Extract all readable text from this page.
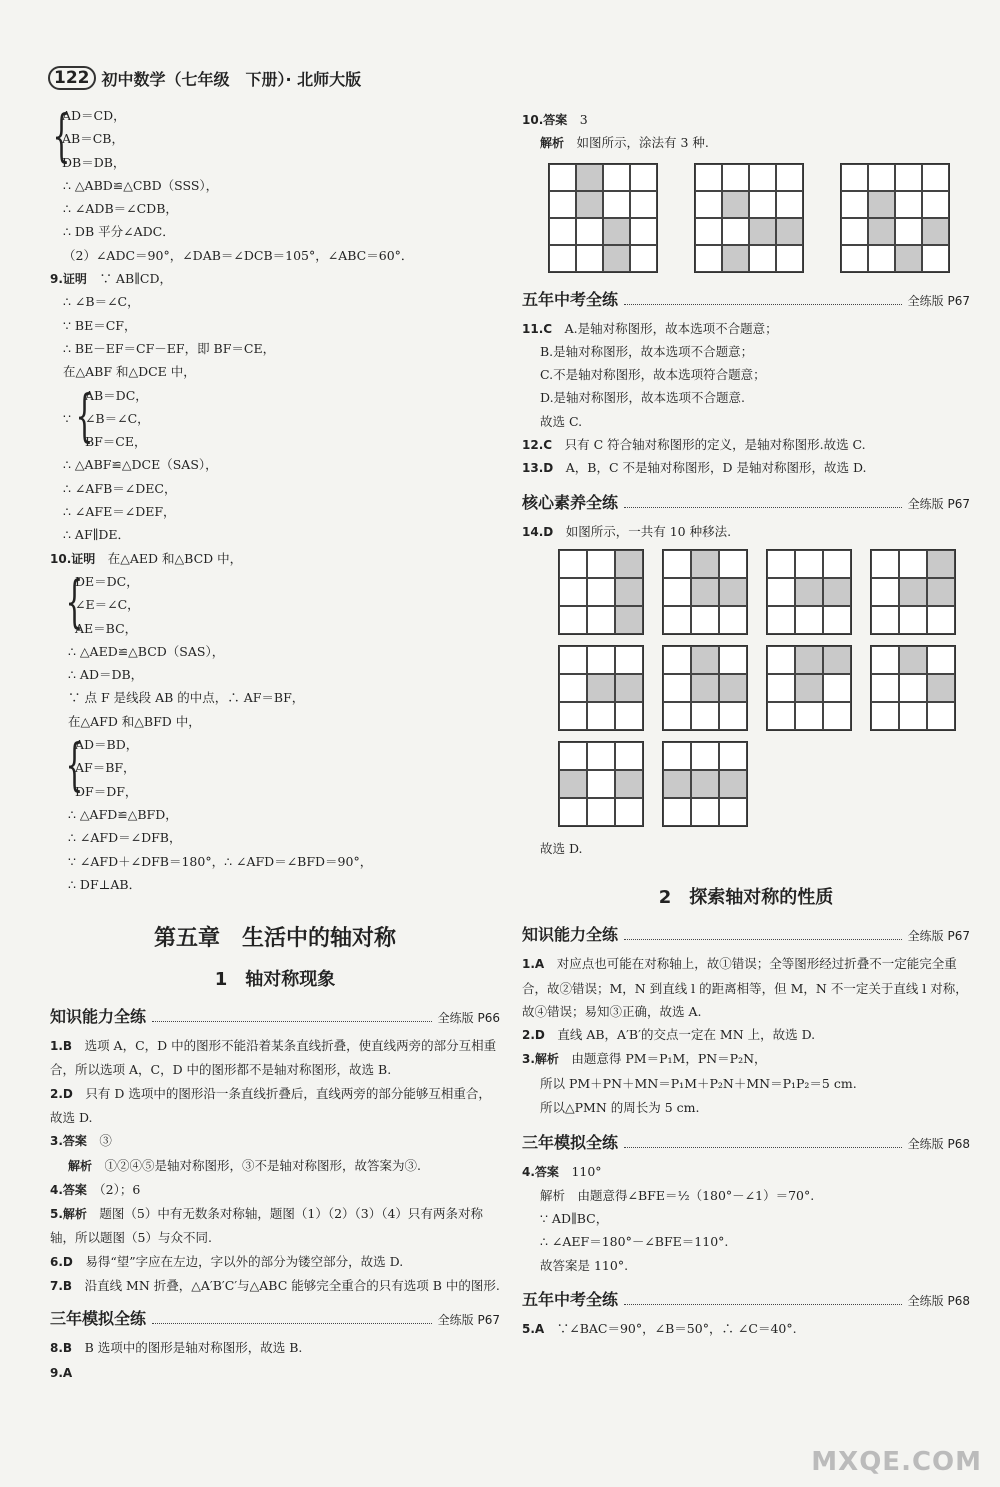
122 初中数学（七年级　下册）· 北师大版
{
AD＝CD，
AB＝CB，
DB＝DB，
∴ △ABD≌△CBD（SSS），
∴ ∠ADB＝∠CDB，
∴ DB 平分∠ADC．
（2）∠ADC＝90°，∠DAB＝∠DCB＝105°，∠ABC＝60°．
9.证明　 ∵ AB∥CD，
∴ ∠B＝∠C，
∵ BE＝CF，
∴ BE－EF＝CF－EF，即 BF＝CE，
在△ABF 和△DCE 中，
∵ {
AB＝DC，
∠B＝∠C，
BF＝CE，
∴ △ABF≌△DCE（SAS），
∴ ∠AFB＝∠DEC，
∴ ∠AFE＝∠DEF，
∴ AF∥DE．
10.证明　 在△AED 和△BCD 中，
{
DE＝DC，
∠E＝∠C，
AE＝BC，
∴ △AED≌△BCD（SAS），
∴ AD＝DB，
∵ 点 F 是线段 AB 的中点，∴ AF＝BF，
在△AFD 和△BFD 中，
{
AD＝BD，
AF＝BF，
DF＝DF，
∴ △AFD≌△BFD，
∴ ∠AFD＝∠DFB，
∵ ∠AFD＋∠DFB＝180°，∴ ∠AFD＝∠BFD＝90°，
∴ DF⊥AB．
第五章　生活中的轴对称
1　轴对称现象
知识能力全练	全练版 P66
1.B　选项 A，C，D 中的图形不能沿着某条直线折叠，使直线两旁的部分互相重合，所以选项 A，C，D 中的图形都不是轴对称图形，故选 B.
2.D　只有 D 选项中的图形沿一条直线折叠后，直线两旁的部分能够互相重合，故选 D.
3.答案　③
解析　①②④⑤是轴对称图形，③不是轴对称图形，故答案为③.
4.答案　（2）；6
5.解析　题图（5）中有无数条对称轴，题图（1）（2）（3）（4）只有两条对称轴，所以题图（5）与众不同.
6.D　易得“望”字应在左边，字以外的部分为镂空部分，故选 D.
7.B　沿直线 MN 折叠，△A′B′C′与△ABC 能够完全重合的只有选项 B 中的图形.
三年模拟全练	全练版 P67
8.B　B 选项中的图形是轴对称图形，故选 B.
9.A　
10.答案　 3
解析　 如图所示，涂法有 3 种.
五年中考全练	全练版 P67
11.C　 A.是轴对称图形，故本选项不合题意；
B.是轴对称图形，故本选项不合题意；
C.不是轴对称图形，故本选项符合题意；
D.是轴对称图形，故本选项不合题意.
故选 C.
12.C　 只有 C 符合轴对称图形的定义，是轴对称图形.故选 C.
13.D　 A，B，C 不是轴对称图形，D 是轴对称图形，故选 D.
核心素养全练	全练版 P67
14.D　 如图所示，一共有 10 种移法.
故选 D.
2　探索轴对称的性质
知识能力全练	全练版 P67
1.A　对应点也可能在对称轴上，故①错误；全等图形经过折叠不一定能完全重合，故②错误；M，N 到直线 l 的距离相等，但 M，N 不一定关于直线 l 对称，故④错误；易知③正确，故选 A.
2.D　直线 AB，A′B′的交点一定在 MN 上，故选 D.
3.解析　由题意得 PM＝P₁M，PN＝P₂N，
所以 PM＋PN＋MN＝P₁M＋P₂N＋MN＝P₁P₂＝5 cm.
所以△PMN 的周长为 5 cm.
三年模拟全练	全练版 P68
4.答案　 110°
解析　由题意得∠BFE＝½（180°－∠1）＝70°.
∵ AD∥BC，
∴ ∠AEF＝180°－∠BFE＝110°.
故答案是 110°.
五年中考全练	全练版 P68
5.A　 ∵∠BAC＝90°，∠B＝50°，∴ ∠C＝40°.
MXQE.COM
